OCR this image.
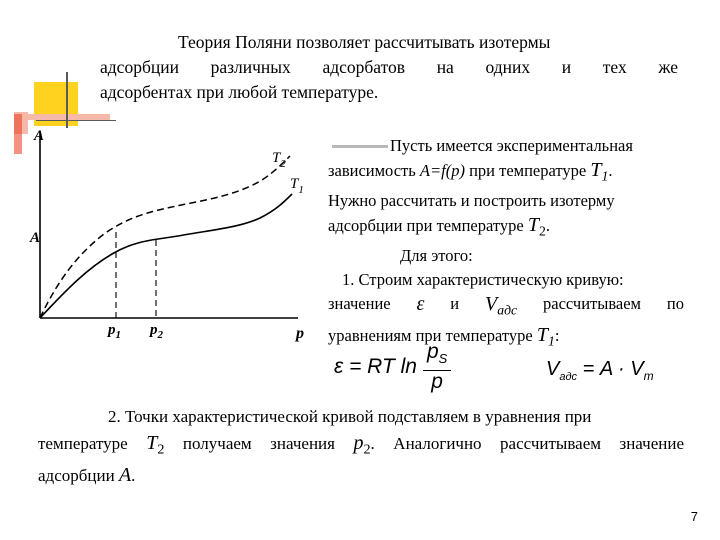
Теория Поляни позволяет рассчитывать изотермы
адсорбции различных адсорбатов на одних и тех же
адсорбентах при любой температуре.
A
A
p
$T_2$
$T_1$
$p_1$ $p_2$
Пусть имеется экспериментальная
зависимость A=f(p) при температуре $T_1$.
Нужно рассчитать и построить изотерму
адсорбции при температуре $T_2$.
Для этого:
1. Строим характеристическую кривую:
значение ε и $V_{адс}$ рассчитываем по
уравнениям при температуре $T_1$:
ε = RT ln
$p_S$
p
$V_{адс} = A \cdot V_m$
2. Точки характеристической кривой подставляем в уравнения при
температуре $T_2$ получаем значения $p_2$. Аналогично рассчитываем значение
адсорбции A.
7
